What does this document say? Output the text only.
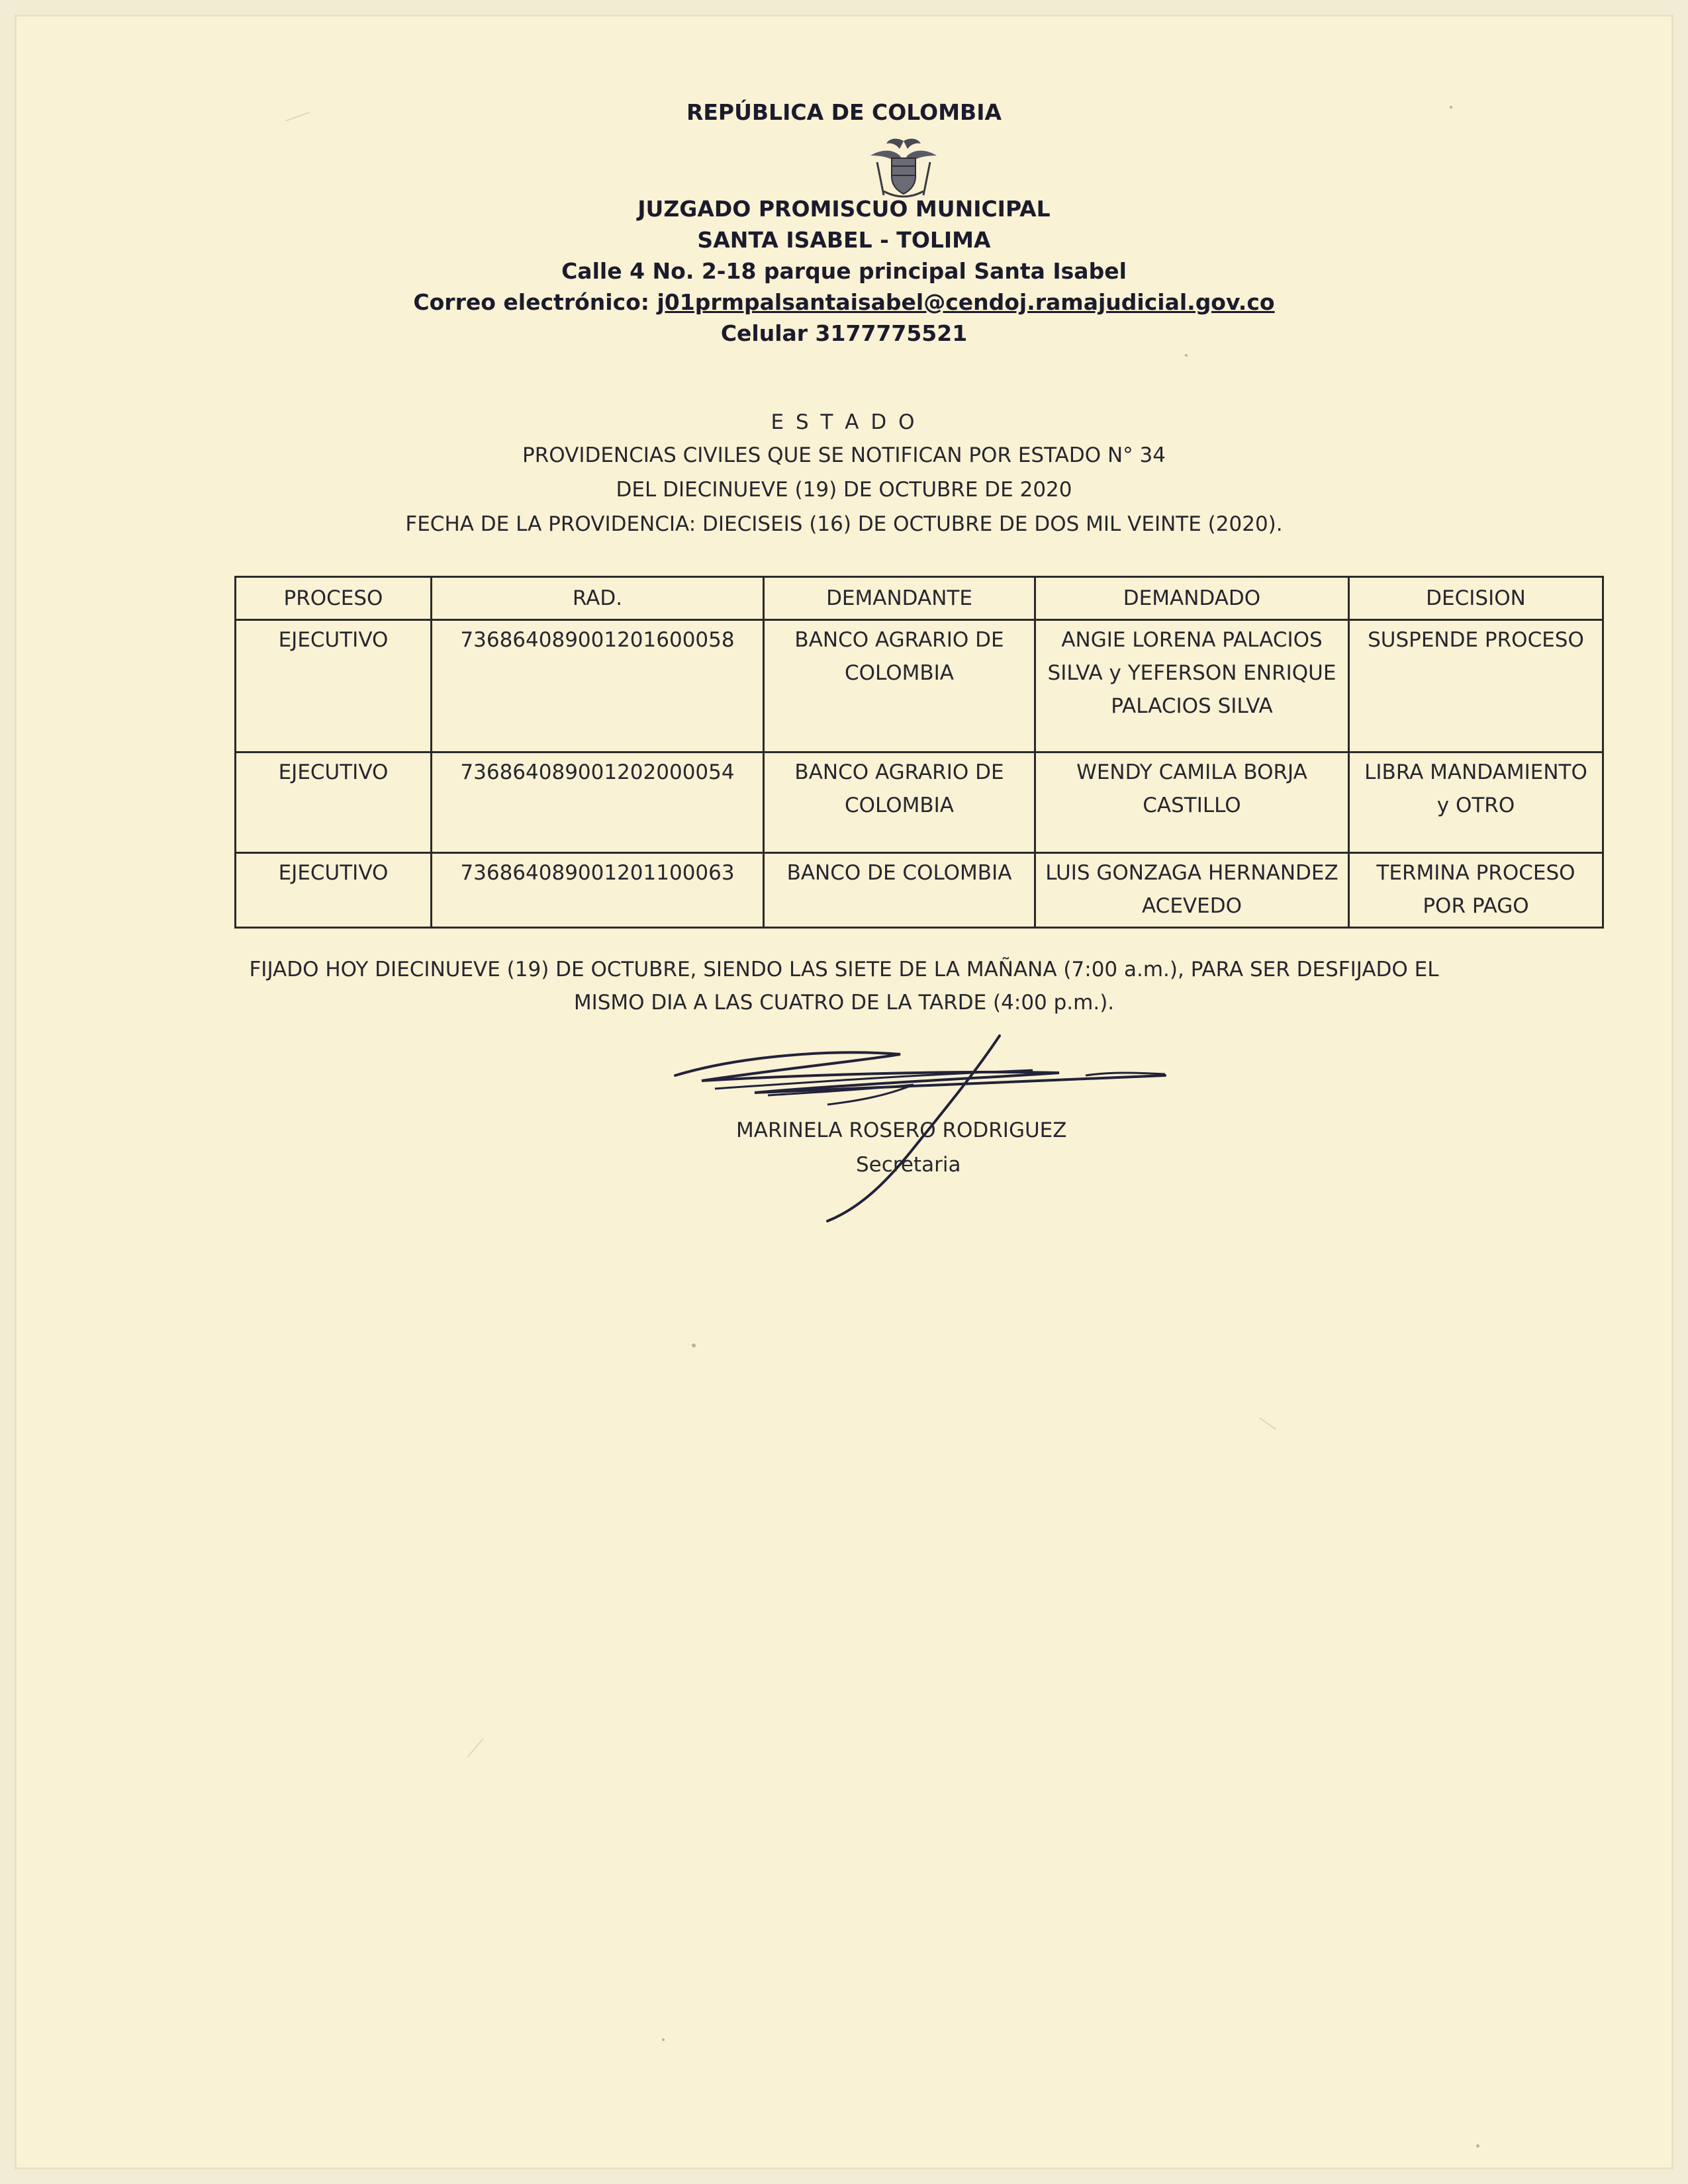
REPÚBLICA DE COLOMBIA
JUZGADO PROMISCUO MUNICIPAL
SANTA ISABEL - TOLIMA
Calle 4 No. 2-18 parque principal Santa Isabel
Correo electrónico: j01prmpalsantaisabel@cendoj.ramajudicial.gov.co
Celular 3177775521
E S T A D O
PROVIDENCIAS CIVILES QUE SE NOTIFICAN POR ESTADO N° 34
DEL DIECINUEVE (19) DE OCTUBRE DE 2020
FECHA DE LA PROVIDENCIA: DIECISEIS (16) DE OCTUBRE DE DOS MIL VEINTE (2020).
PROCESO	RAD.	DEMANDANTE	DEMANDADO	DECISION
EJECUTIVO	73686408900120160005​8	BANCO AGRARIO DE COLOMBIA	ANGIE LORENA PALACIOS SILVA y YEFERSON ENRIQUE PALACIOS SILVA	SUSPENDE PROCESO
EJECUTIVO	73686408900120200005​4	BANCO AGRARIO DE COLOMBIA	WENDY CAMILA BORJA CASTILLO	LIBRA MANDAMIENTO y OTRO
EJECUTIVO	73686408900120110006​3	BANCO DE COLOMBIA	LUIS GONZAGA HERNANDEZ ACEVEDO	TERMINA PROCESO POR PAGO
FIJADO HOY DIECINUEVE (19) DE OCTUBRE, SIENDO LAS SIETE DE LA MAÑANA (7:00 a.m.), PARA SER DESFIJADO EL
MISMO DIA A LAS CUATRO DE LA TARDE (4:00 p.m.).
MARINELA ROSERO RODRIGUEZ
Secretaria
